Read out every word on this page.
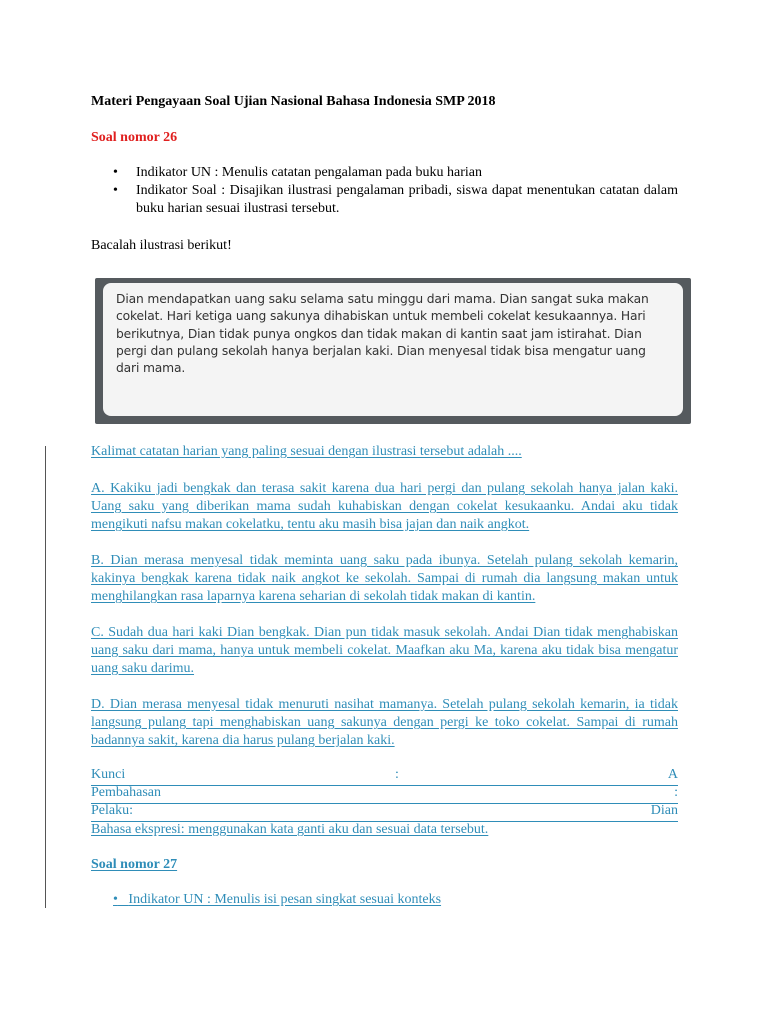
Materi Pengayaan Soal Ujian Nasional Bahasa Indonesia SMP 2018
Soal nomor 26
• Indikator UN : Menulis catatan pengalaman pada buku harian
• Indikator Soal : Disajikan ilustrasi pengalaman pribadi, siswa dapat menentukan catatan dalam buku harian sesuai ilustrasi tersebut.
Bacalah ilustrasi berikut!
Dian mendapatkan uang saku selama satu minggu dari mama. Dian sangat suka makan cokelat. Hari ketiga uang sakunya dihabiskan untuk membeli cokelat kesukaannya. Hari berikutnya, Dian tidak punya ongkos dan tidak makan di kantin saat jam istirahat. Dian pergi dan pulang sekolah hanya berjalan kaki. Dian menyesal tidak bisa mengatur uang dari mama.
Kalimat catatan harian yang paling sesuai dengan ilustrasi tersebut adalah ....
A. Kakiku jadi bengkak dan terasa sakit karena dua hari pergi dan pulang sekolah hanya jalan kaki. Uang saku yang diberikan mama sudah kuhabiskan dengan cokelat kesukaanku. Andai aku tidak mengikuti nafsu makan cokelatku, tentu aku masih bisa jajan dan naik angkot.
B. Dian merasa menyesal tidak meminta uang saku pada ibunya. Setelah pulang sekolah kemarin, kakinya bengkak karena tidak naik angkot ke sekolah. Sampai di rumah dia langsung makan untuk menghilangkan rasa laparnya karena seharian di sekolah tidak makan di kantin.
C. Sudah dua hari kaki Dian bengkak. Dian pun tidak masuk sekolah. Andai Dian tidak menghabiskan uang saku dari mama, hanya untuk membeli cokelat. Maafkan aku Ma, karena aku tidak bisa mengatur uang saku darimu.
D. Dian merasa menyesal tidak menuruti nasihat mamanya. Setelah pulang sekolah kemarin, ia tidak langsung pulang tapi menghabiskan uang sakunya dengan pergi ke toko cokelat. Sampai di rumah badannya sakit, karena dia harus pulang berjalan kaki.
Kunci	:	A
Pembahasan	:
Pelaku:	Dian
Bahasa ekspresi: menggunakan kata ganti aku dan sesuai data tersebut.
Soal nomor 27
• Indikator UN : Menulis isi pesan singkat sesuai konteks
